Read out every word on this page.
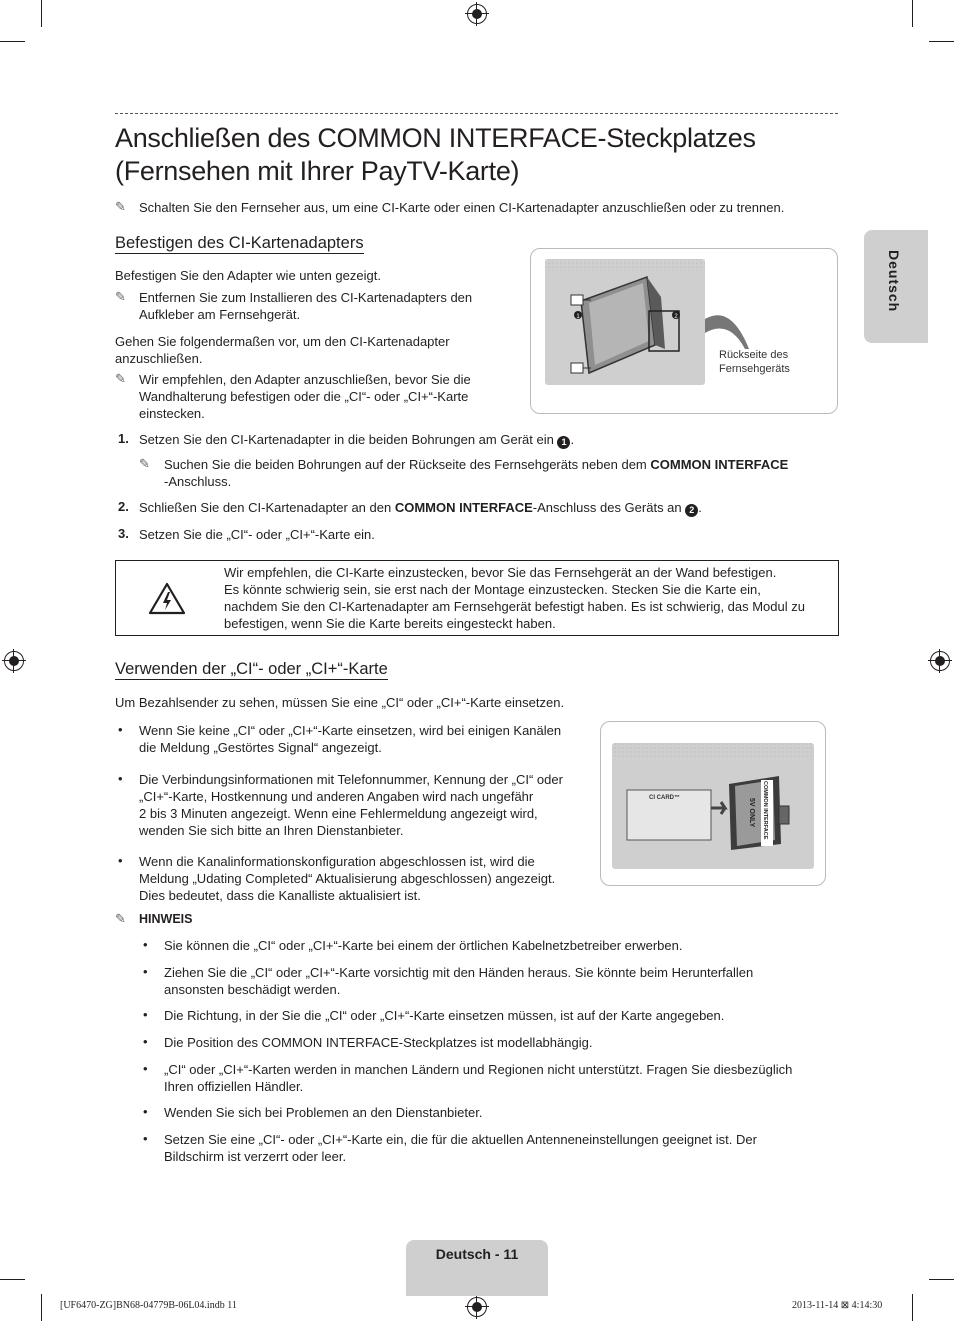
Anschließen des COMMON INTERFACE-Steckplatzes
(Fernsehen mit Ihrer PayTV-Karte)
✎ Schalten Sie den Fernseher aus, um eine CI-Karte oder einen CI-Kartenadapter anzuschließen oder zu trennen.
Deutsch
Befestigen des CI-Kartenadapters
Befestigen Sie den Adapter wie unten gezeigt.
✎ Entfernen Sie zum Installieren des CI-Kartenadapters den
Aufkleber am Fernsehgerät.
Gehen Sie folgendermaßen vor, um den CI-Kartenadapter
anzuschließen.
✎ Wir empfehlen, den Adapter anzuschließen, bevor Sie die
Wandhalterung befestigen oder die „CI“- oder „CI+“-Karte
einstecken.
1	2
Rückseite des
Fernsehgeräts
1. Setzen Sie den CI-Kartenadapter in die beiden Bohrungen am Gerät ein 1 .
✎ Suchen Sie die beiden Bohrungen auf der Rückseite des Fernsehgeräts neben dem COMMON INTERFACE
-Anschluss.
2. Schließen Sie den CI-Kartenadapter an den COMMON INTERFACE-Anschluss des Geräts an 2 .
3. Setzen Sie die „CI“- oder „CI+“-Karte ein.
Wir empfehlen, die CI-Karte einzustecken, bevor Sie das Fernsehgerät an der Wand befestigen.
Es könnte schwierig sein, sie erst nach der Montage einzustecken. Stecken Sie die Karte ein,
nachdem Sie den CI-Kartenadapter am Fernsehgerät befestigt haben. Es ist schwierig, das Modul zu
befestigen, wenn Sie die Karte bereits eingesteckt haben.
Verwenden der „CI“- oder „CI+“-Karte
Um Bezahlsender zu sehen, müssen Sie eine „CI“ oder „CI+“-Karte einsetzen.
• Wenn Sie keine „CI“ oder „CI+“-Karte einsetzen, wird bei einigen Kanälen
die Meldung „Gestörtes Signal“ angezeigt.
• Die Verbindungsinformationen mit Telefonnummer, Kennung der „CI“ oder
„CI+“-Karte, Hostkennung und anderen Angaben wird nach ungefähr
2 bis 3 Minuten angezeigt. Wenn eine Fehlermeldung angezeigt wird,
wenden Sie sich bitte an Ihren Dienstanbieter.
• Wenn die Kanalinformationskonfiguration abgeschlossen ist, wird die
Meldung „Udating Completed“ Aktualisierung abgeschlossen) angezeigt.
Dies bedeutet, dass die Kanalliste aktualisiert ist.
CI CARD™	COMMON INTERFACE
5V ONLY
✎ HINWEIS
• Sie können die „CI“ oder „CI+“-Karte bei einem der örtlichen Kabelnetzbetreiber erwerben.
• Ziehen Sie die „CI“ oder „CI+“-Karte vorsichtig mit den Händen heraus. Sie könnte beim Herunterfallen
ansonsten beschädigt werden.
• Die Richtung, in der Sie die „CI“ oder „CI+“-Karte einsetzen müssen, ist auf der Karte angegeben.
• Die Position des COMMON INTERFACE-Steckplatzes ist modellabhängig.
• „CI“ oder „CI+“-Karten werden in manchen Ländern und Regionen nicht unterstützt. Fragen Sie diesbezüglich
Ihren offiziellen Händler.
• Wenden Sie sich bei Problemen an den Dienstanbieter.
• Setzen Sie eine „CI“- oder „CI+“-Karte ein, die für die aktuellen Antenneneinstellungen geeignet ist. Der
Bildschirm ist verzerrt oder leer.
Deutsch - 11
[UF6470-ZG]BN68-04779B-06L04.indb 11	2013-11-14 ⊠ 4:14:30
